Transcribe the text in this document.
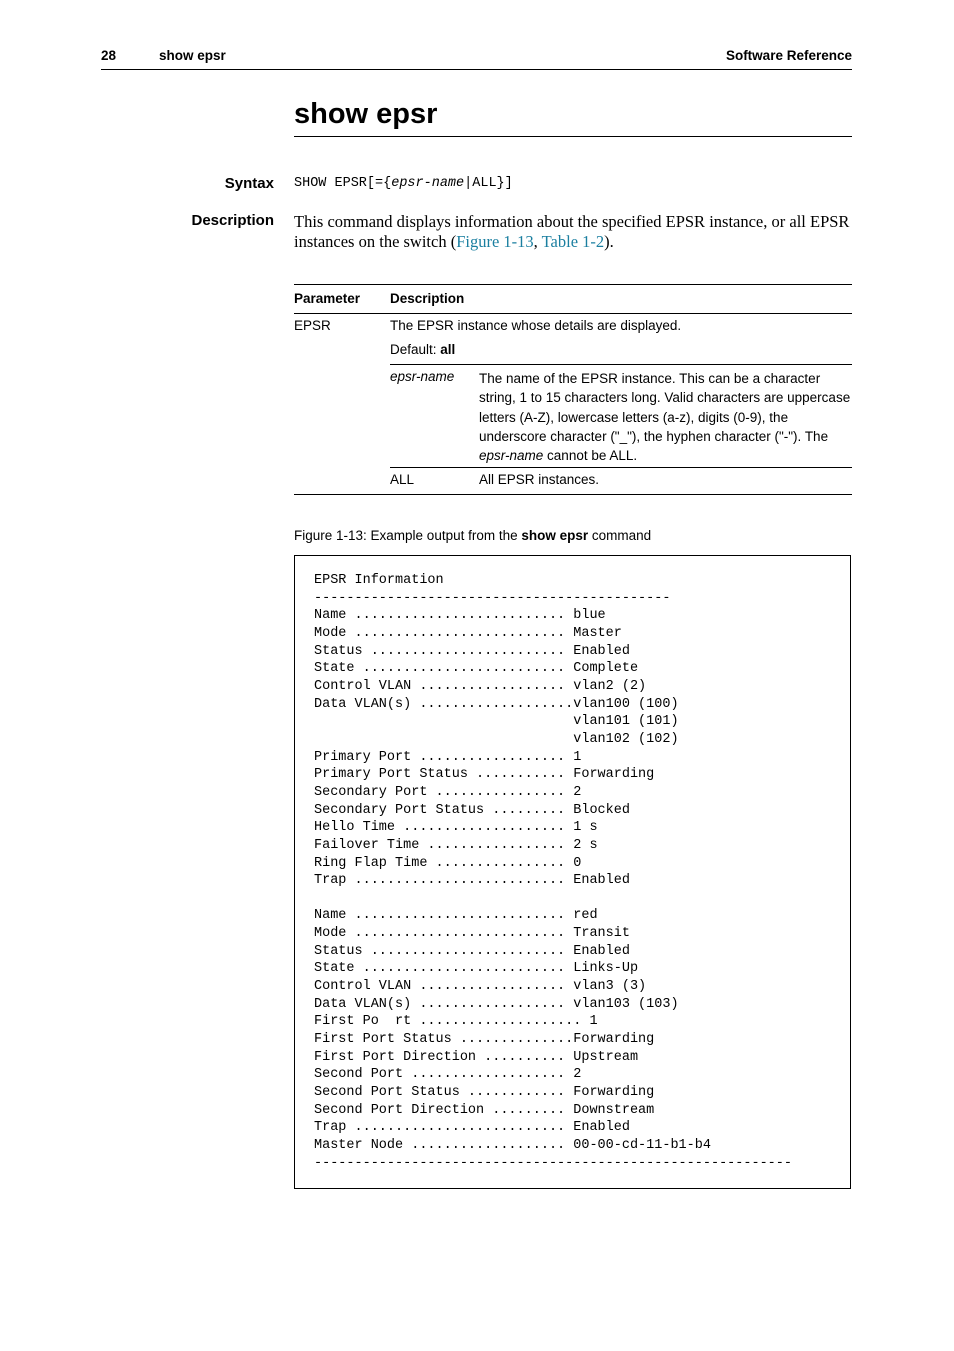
28	show epsr	Software Reference
show epsr
Syntax SHOW EPSR[={epsr-name|ALL}]
Description This command displays information about the specified EPSR instance, or all EPSR instances on the switch (Figure 1-13, Table 1-2).
Parameter Description
EPSR	The EPSR instance whose details are displayed.
Default: all
epsr-name The name of the EPSR instance. This can be a character string, 1 to 15 characters long. Valid characters are uppercase letters (A-Z), lowercase letters (a-z), digits (0-9), the underscore character ("_"), the hyphen character ("-"). The epsr-name cannot be ALL.
ALL	All EPSR instances.
Figure 1-13: Example output from the show epsr command
EPSR Information
--------------------------------------------
Name .......................... blue
Mode .......................... Master
Status ........................ Enabled
State ......................... Complete
Control VLAN .................. vlan2 (2)
Data VLAN(s) ...................vlan100 (100)
vlan101 (101)
vlan102 (102)
Primary Port .................. 1
Primary Port Status ........... Forwarding
Secondary Port ................ 2
Secondary Port Status ......... Blocked
Hello Time .................... 1 s
Failover Time ................. 2 s
Ring Flap Time ................ 0
Trap .......................... Enabled

Name .......................... red
Mode .......................... Transit
Status ........................ Enabled
State ......................... Links-Up
Control VLAN .................. vlan3 (3)
Data VLAN(s) .................. vlan103 (103)
First Po  rt .................... 1
First Port Status ..............Forwarding
First Port Direction .......... Upstream
Second Port ................... 2
Second Port Status ............ Forwarding
Second Port Direction ......... Downstream
Trap .......................... Enabled
Master Node ................... 00-00-cd-11-b1-b4
-----------------------------------------------------------
